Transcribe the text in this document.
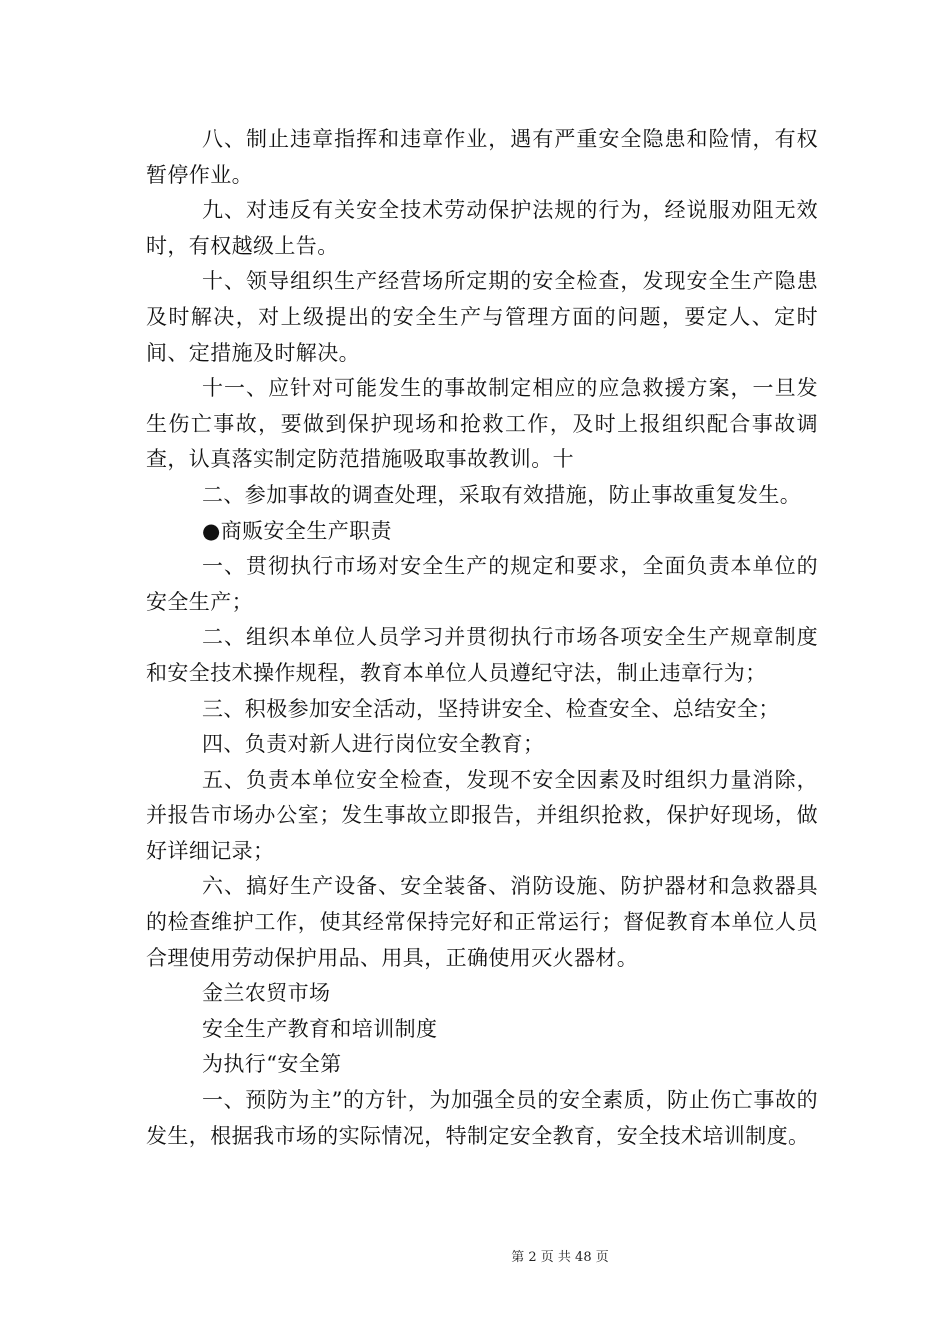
八、制止违章指挥和违章作业，遇有严重安全隐患和险情，有权暂停作业。

九、对违反有关安全技术劳动保护法规的行为，经说服劝阻无效时，有权越级上告。

十、领导组织生产经营场所定期的安全检查，发现安全生产隐患及时解决，对上级提出的安全生产与管理方面的问题，要定人、定时间、定措施及时解决。

十一、应针对可能发生的事故制定相应的应急救援方案，一旦发生伤亡事故，要做到保护现场和抢救工作，及时上报组织配合事故调查，认真落实制定防范措施吸取事故教训。十

二、参加事故的调查处理，采取有效措施，防止事故重复发生。

●商贩安全生产职责

一、贯彻执行市场对安全生产的规定和要求，全面负责本单位的安全生产；

二、组织本单位人员学习并贯彻执行市场各项安全生产规章制度和安全技术操作规程，教育本单位人员遵纪守法，制止违章行为；

三、积极参加安全活动，坚持讲安全、检查安全、总结安全；

四、负责对新人进行岗位安全教育；

五、负责本单位安全检查，发现不安全因素及时组织力量消除，并报告市场办公室；发生事故立即报告，并组织抢救，保护好现场，做好详细记录；

六、搞好生产设备、安全装备、消防设施、防护器材和急救器具的检查维护工作，使其经常保持完好和正常运行；督促教育本单位人员合理使用劳动保护用品、用具，正确使用灭火器材。

金兰农贸市场

安全生产教育和培训制度

为执行“安全第

一、预防为主”的方针，为加强全员的安全素质，防止伤亡事故的发生，根据我市场的实际情况，特制定安全教育，安全技术培训制度。

第 2 页 共 48 页
